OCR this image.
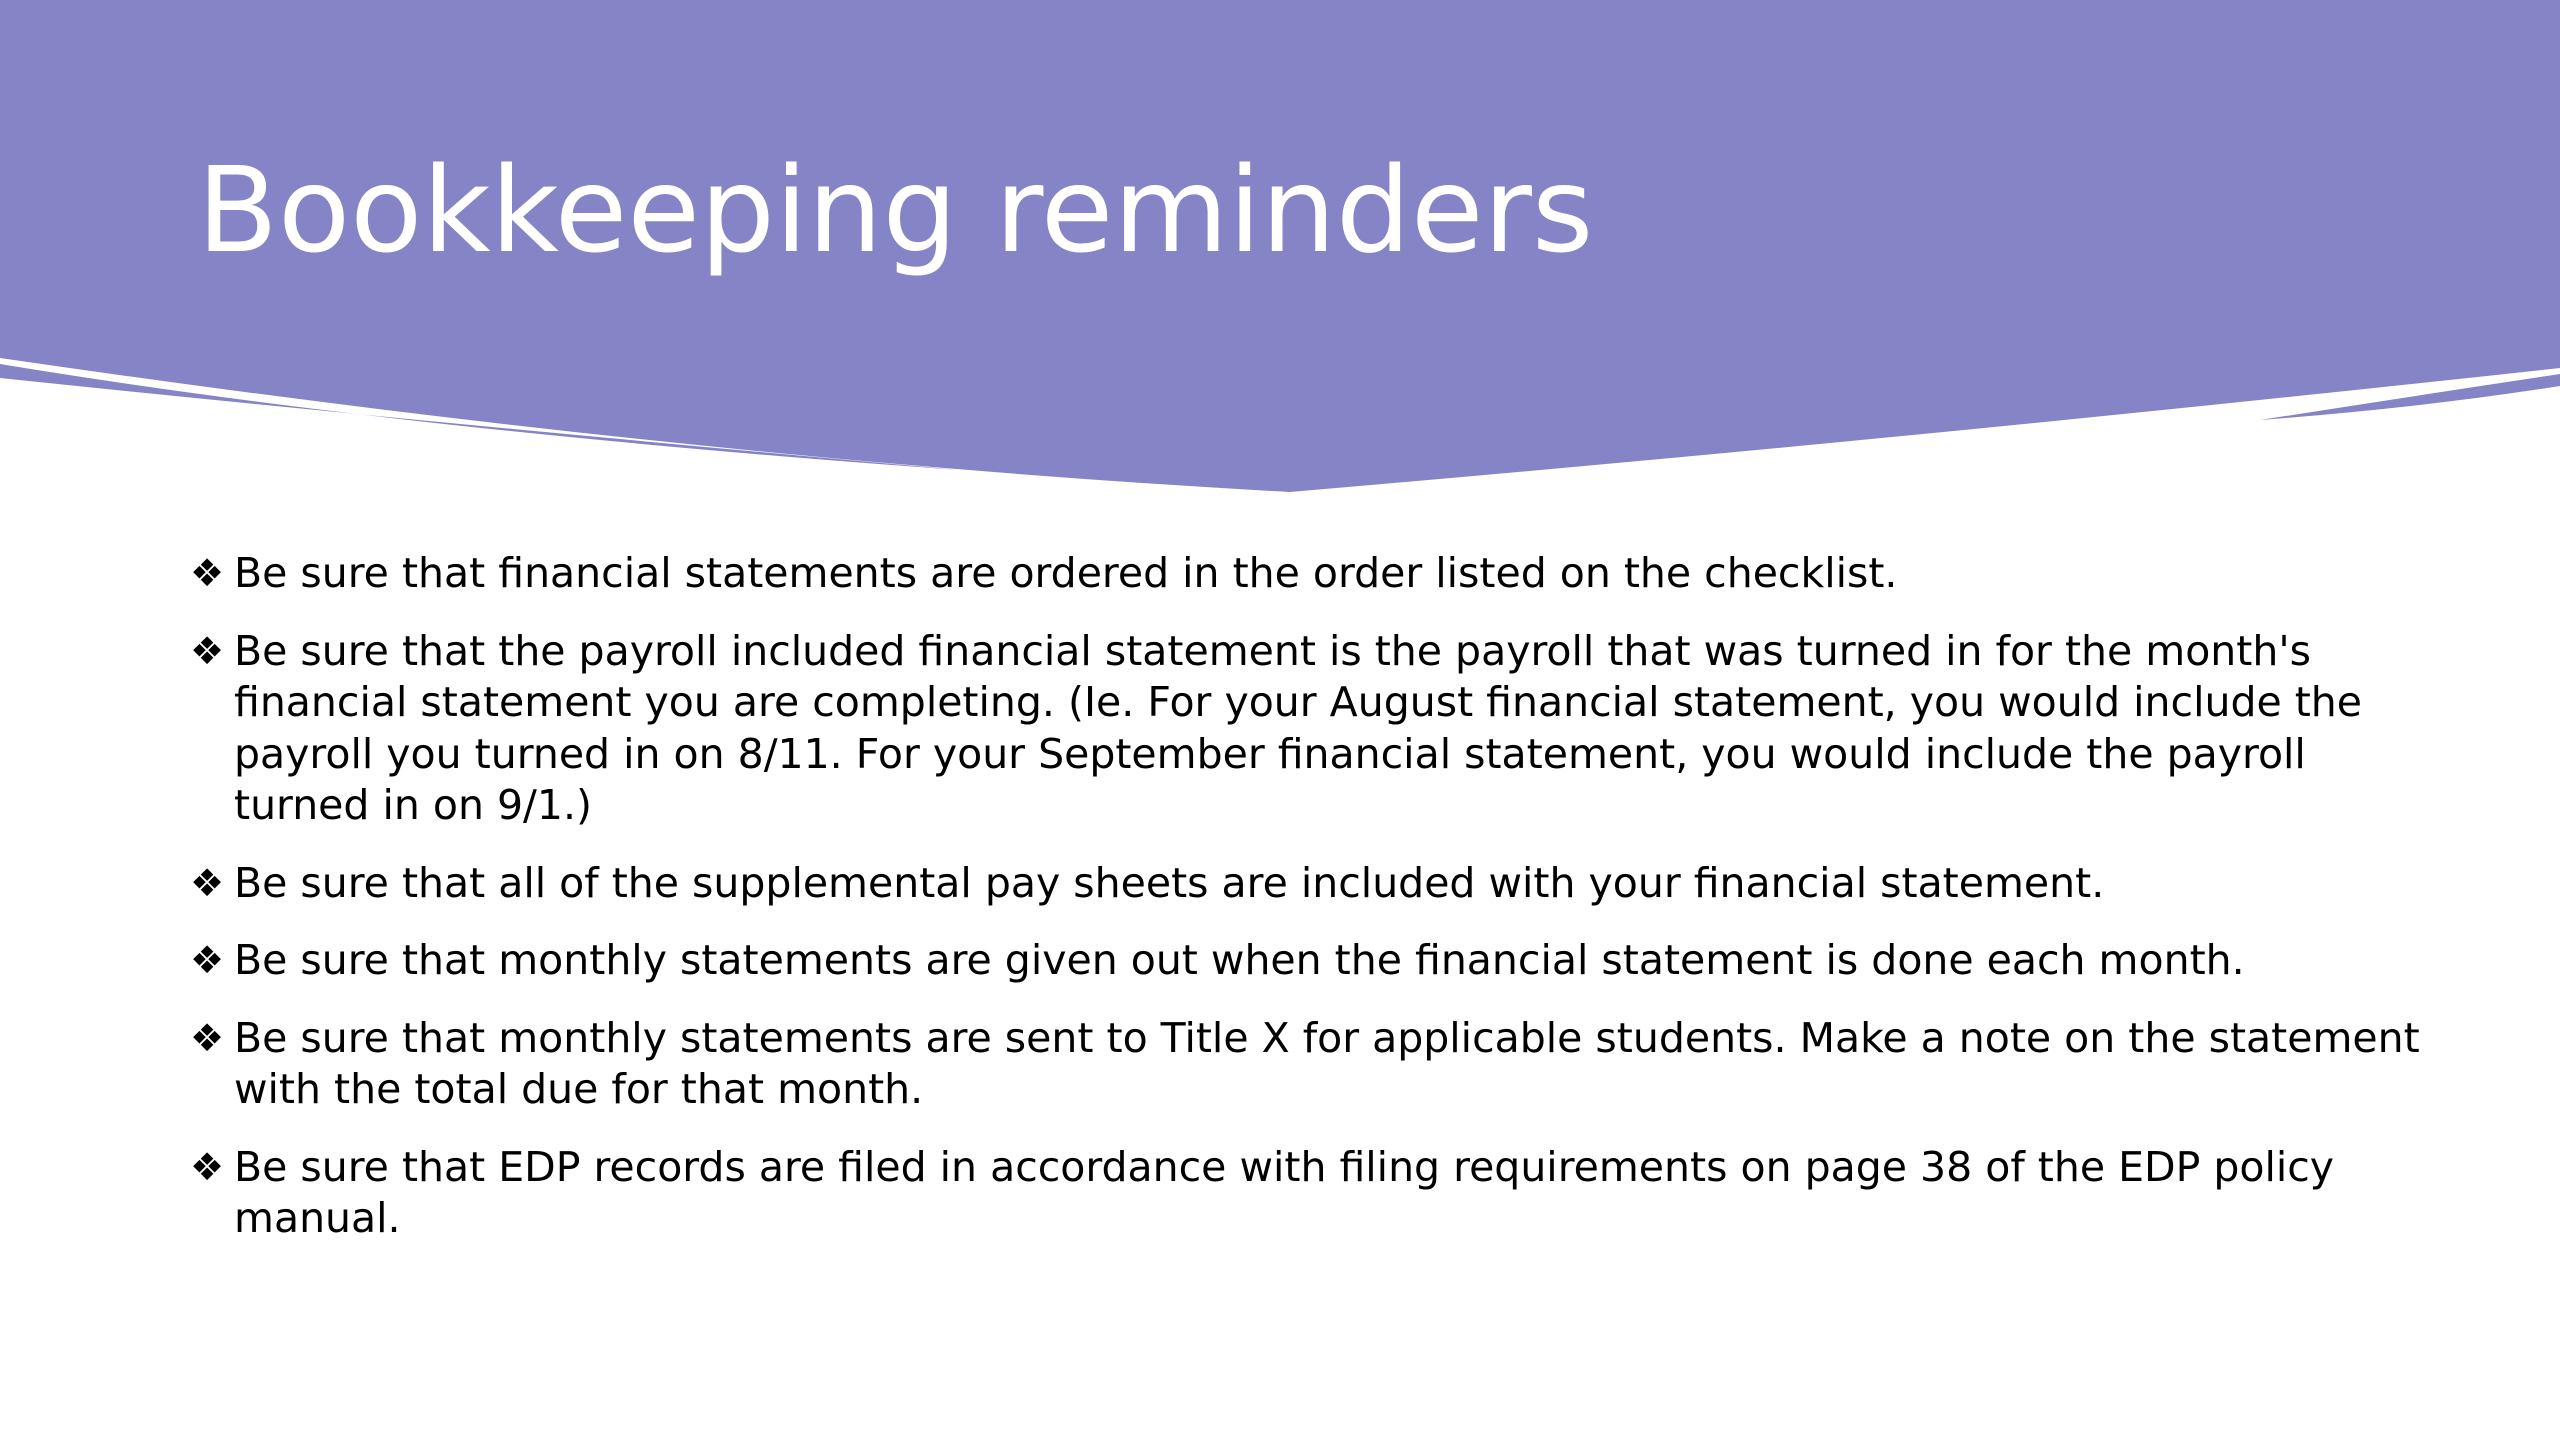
Bookkeeping reminders
❖ Be sure that financial statements are ordered in the order listed on the checklist.
❖ Be sure that the payroll included financial statement is the payroll that was turned in for the month's financial statement you are completing. (Ie. For your August financial statement, you would include the payroll you turned in on 8/11. For your September financial statement, you would include the payroll turned in on 9/1.)
❖ Be sure that all of the supplemental pay sheets are included with your financial statement.
❖ Be sure that monthly statements are given out when the financial statement is done each month.
❖ Be sure that monthly statements are sent to Title X for applicable students. Make a note on the statement with the total due for that month.
❖ Be sure that EDP records are filed in accordance with filing requirements on page 38 of the EDP policy manual.
